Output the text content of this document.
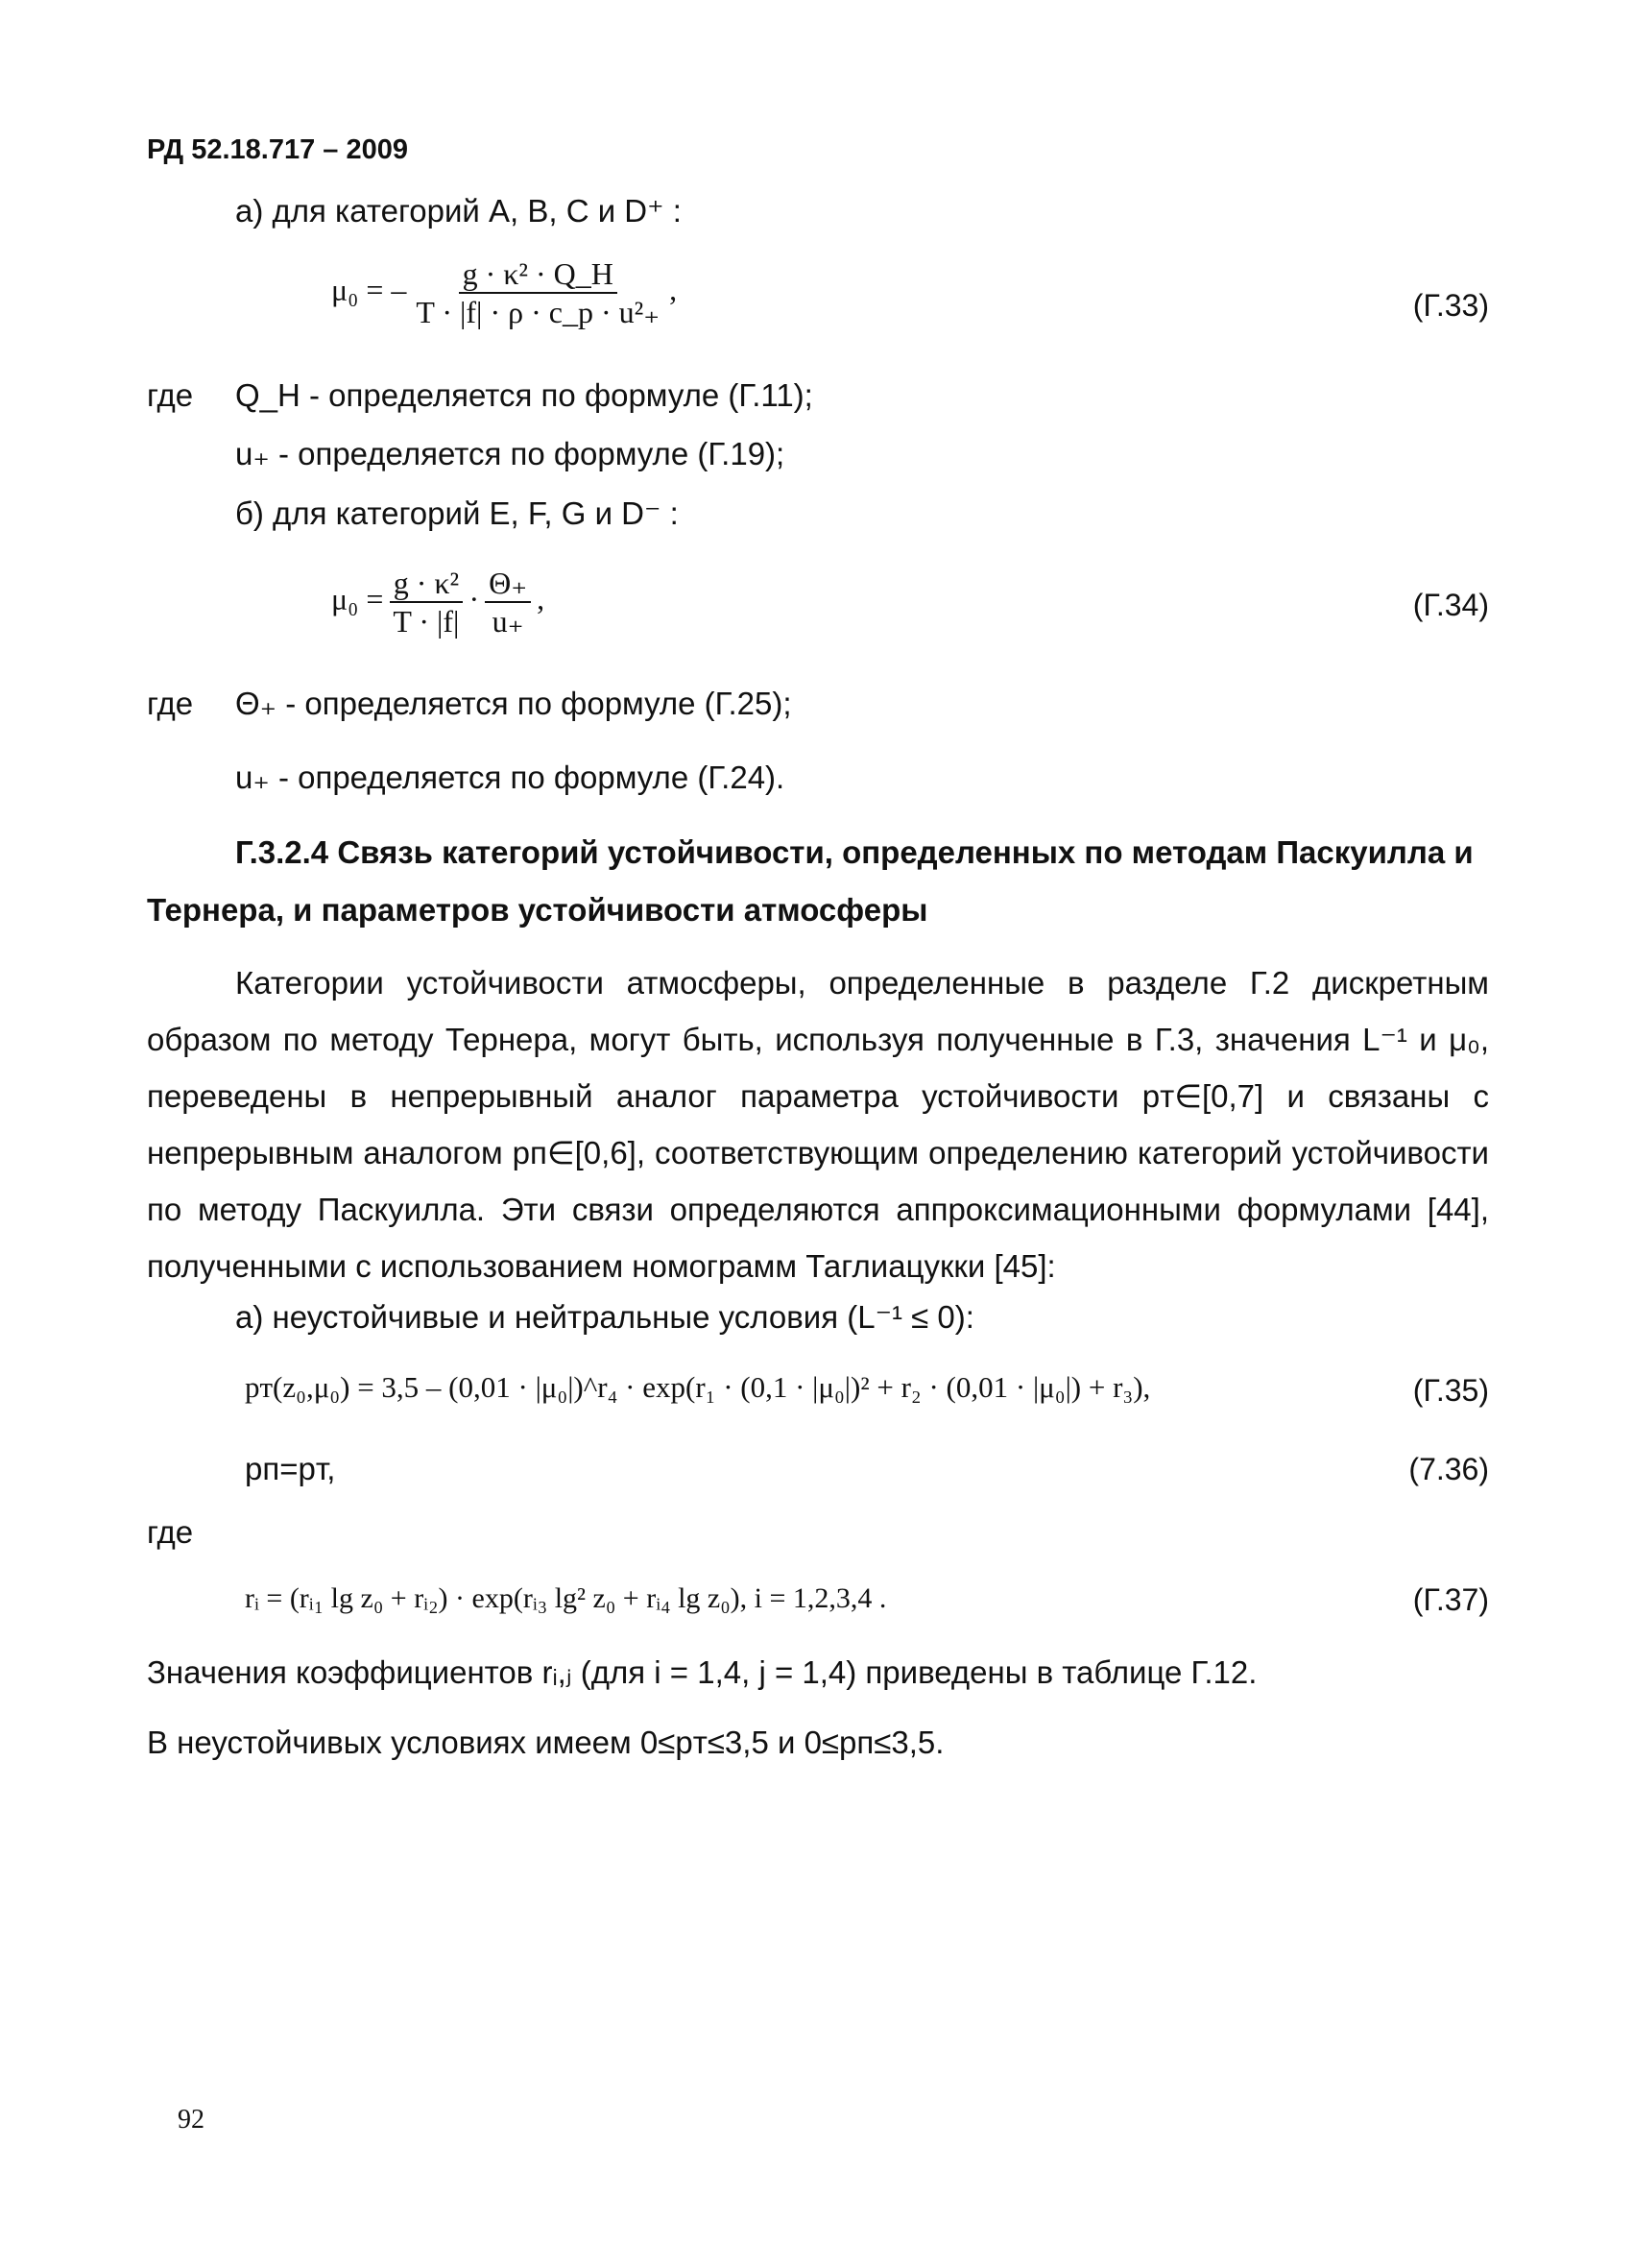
РД 52.18.717 – 2009
а) для категорий А, В, С и D⁺ :
μ₀ = – $\frac{\text{g · κ² · Q\_H}}{\text{T · |f| · ρ · c\_p · u²₊}}$ ,	(Г.33)
где Q_H - определяется по формуле (Г.11);
u₊ - определяется по формуле (Г.19);
б) для категорий E, F, G и D⁻ :
$\mu_0 = \frac{\text{g · κ²}}{T \cdot |f|} \cdot \frac{\Theta_+}{u_+}$ ,	(Г.34)
где Θ₊ - определяется по формуле (Г.25);
u₊ - определяется по формуле (Г.24).
Г.3.2.4 Связь категорий устойчивости, определенных по методам Паскуилла и
Тернера, и параметров устойчивости атмосферы
Категории устойчивости атмосферы, определенные в разделе Г.2 дискретным
образом по методу Тернера, могут быть, используя полученные в Г.3, значения L⁻¹ и μ₀,
переведены в непрерывный аналог параметра устойчивости pт∈[0,7] и связаны с
непрерывным аналогом pп∈[0,6], соответствующим определению категорий устойчивости
по методу Паскуилла. Эти связи определяются аппроксимационными формулами [44],
полученными с использованием номограмм Таглиацукки [45]:
а) неустойчивые и нейтральные условия (L⁻¹ ≤ 0):
pт(z₀,μ₀) = 3,5 – (0,01 · |μ₀|)^r₄ · exp(r₁ · (0,1 · |μ₀|)² + r₂ · (0,01 · |μ₀|) + r₃),	(Г.35)
pп=pт,	(7.36)
где
rᵢ = (rᵢ₁ lg z₀ + rᵢ₂) · exp(rᵢ₃ lg² z₀ + rᵢ₄ lg z₀), i = 1,2,3,4 .	(Г.37)
Значения коэффициентов rᵢ,ⱼ (для i = 1,4, j = 1,4) приведены в таблице Г.12.
В неустойчивых условиях имеем 0≤pт≤3,5 и 0≤pп≤3,5.
92
